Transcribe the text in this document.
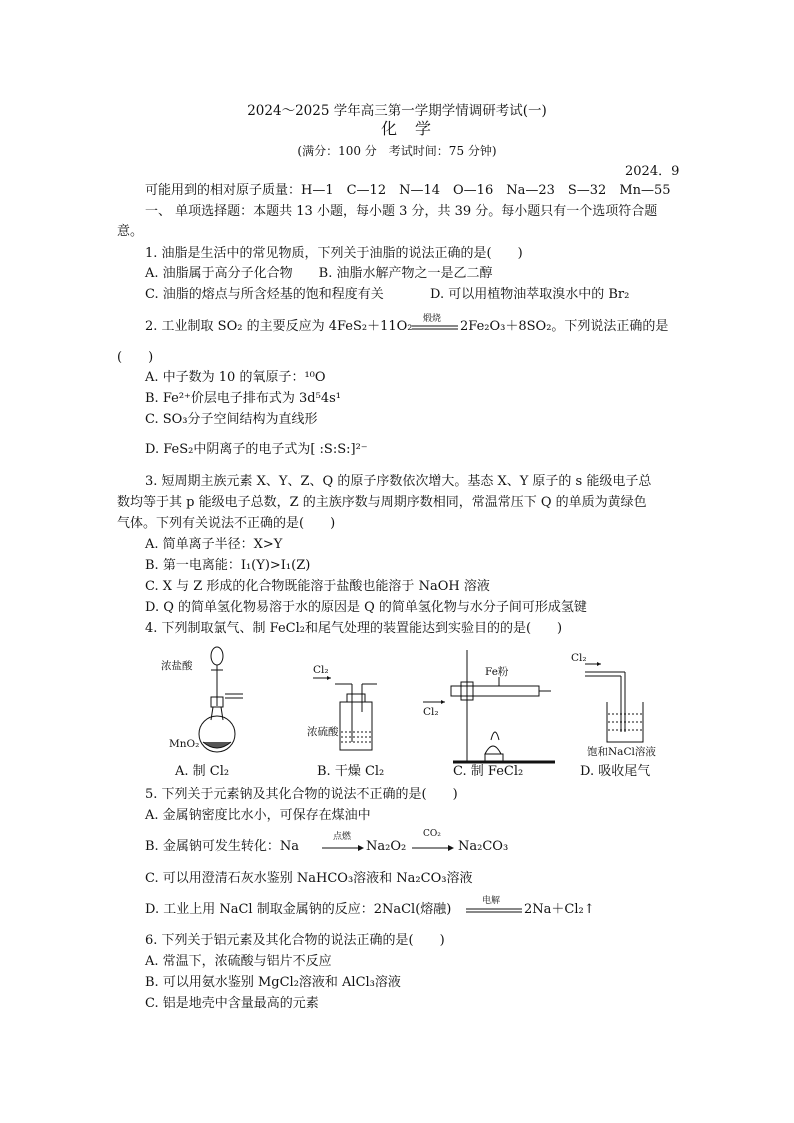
2024～2025 学年高三第一学期学情调研考试(一)
化学
(满分：100 分　考试时间：75 分钟)
2024．9
可能用到的相对原子质量：H—1　C—12　N—14　O—16　Na—23　S—32　Mn—55
一、 单项选择题：本题共 13 小题，每小题 3 分，共 39 分。每小题只有一个选项符合题
意。
1. 油脂是生活中的常见物质，下列关于油脂的说法正确的是(　　)
A. 油脂属于高分子化合物　　B. 油脂水解产物之一是乙二醇
C. 油脂的熔点与所含烃基的饱和程度有关	D. 可以用植物油萃取溴水中的 Br₂
2. 工业制取 SO₂ 的主要反应为 4FeS₂＋11O₂ 煅烧 2Fe₂O₃＋8SO₂。下列说法正确的是
(　　)
A. 中子数为 10 的氧原子：¹⁰O
B. Fe²⁺价层电子排布式为 3d⁵4s¹
C. SO₃分子空间结构为直线形
D. FeS₂中阴离子的电子式为[ :S:S:]²⁻
3. 短周期主族元素 X、Y、Z、Q 的原子序数依次增大。基态 X、Y 原子的 s 能级电子总
数均等于其 p 能级电子总数，Z 的主族序数与周期序数相同，常温常压下 Q 的单质为黄绿色
气体。下列有关说法不正确的是(　　)
A. 简单离子半径：X>Y
B. 第一电离能：I₁(Y)>I₁(Z)
C. X 与 Z 形成的化合物既能溶于盐酸也能溶于 NaOH 溶液
D. Q 的简单氢化物易溶于水的原因是 Q 的简单氢化物与水分子间可形成氢键
4. 下列制取氯气、制 FeCl₂和尾气处理的装置能达到实验目的的是(　　)
浓盐酸
MnO₂
Cl₂
浓硫酸
Cl₂
Fe粉
Cl₂
饱和NaCl溶液
A. 制 Cl₂	B. 干燥 Cl₂	C. 制 FeCl₂	D. 吸收尾气
5. 下列关于元素钠及其化合物的说法不正确的是(　　)
A. 金属钠密度比水小，可保存在煤油中
B. 金属钠可发生转化：Na
点燃
Na₂O₂
CO₂
Na₂CO₃
C. 可以用澄清石灰水鉴别 NaHCO₃溶液和 Na₂CO₃溶液
D. 工业上用 NaCl 制取金属钠的反应：2NaCl(熔融)
电解
2Na＋Cl₂↑
6. 下列关于铝元素及其化合物的说法正确的是(　　)
A. 常温下，浓硫酸与铝片不反应
B. 可以用氨水鉴别 MgCl₂溶液和 AlCl₃溶液
C. 铝是地壳中含量最高的元素
